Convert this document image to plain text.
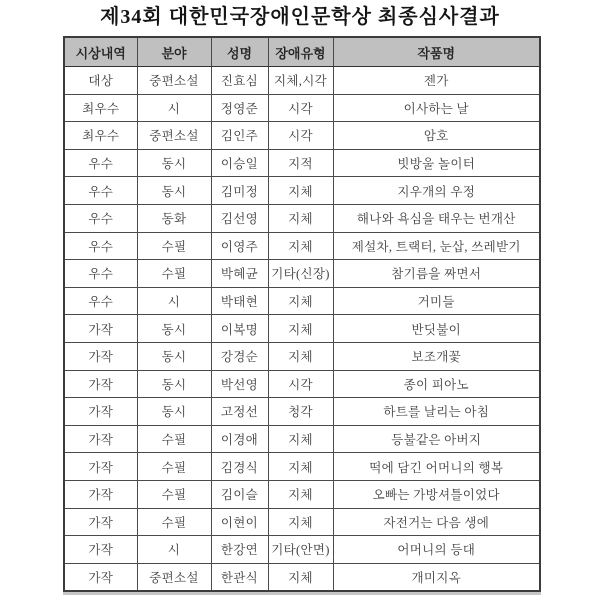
제34회 대한민국장애인문학상 최종심사결과
시상내역	분야	성명	장애유형	작품명
대상	중편소설	진효심	지체,시각	젠가
최우수	시	정영준	시각	이사하는 날
최우수	중편소설	김인주	시각	암호
우수	동시	이승일	지적	빗방울 놀이터
우수	동시	김미정	지체	지우개의 우정
우수	동화	김선영	지체	해나와 욕심을 태우는 번개산
우수	수필	이영주	지체	제설차, 트랙터, 눈삽, 쓰레받기
우수	수필	박혜균	기타(신장)	참기름을 짜면서
우수	시	박태현	지체	거미들
가작	동시	이복명	지체	반딧불이
가작	동시	강경순	지체	보조개꽃
가작	동시	박선영	시각	종이 피아노
가작	동시	고정선	청각	하트를 날리는 아침
가작	수필	이경애	지체	등불같은 아버지
가작	수필	김경식	지체	떡에 담긴 어머니의 행복
가작	수필	김이슬	지체	오빠는 가방셔틀이었다
가작	수필	이현이	지체	자전거는 다음 생에
가작	시	한강연	기타(안면)	어머니의 등대
가작	중편소설	한관식	지체	개미지옥
